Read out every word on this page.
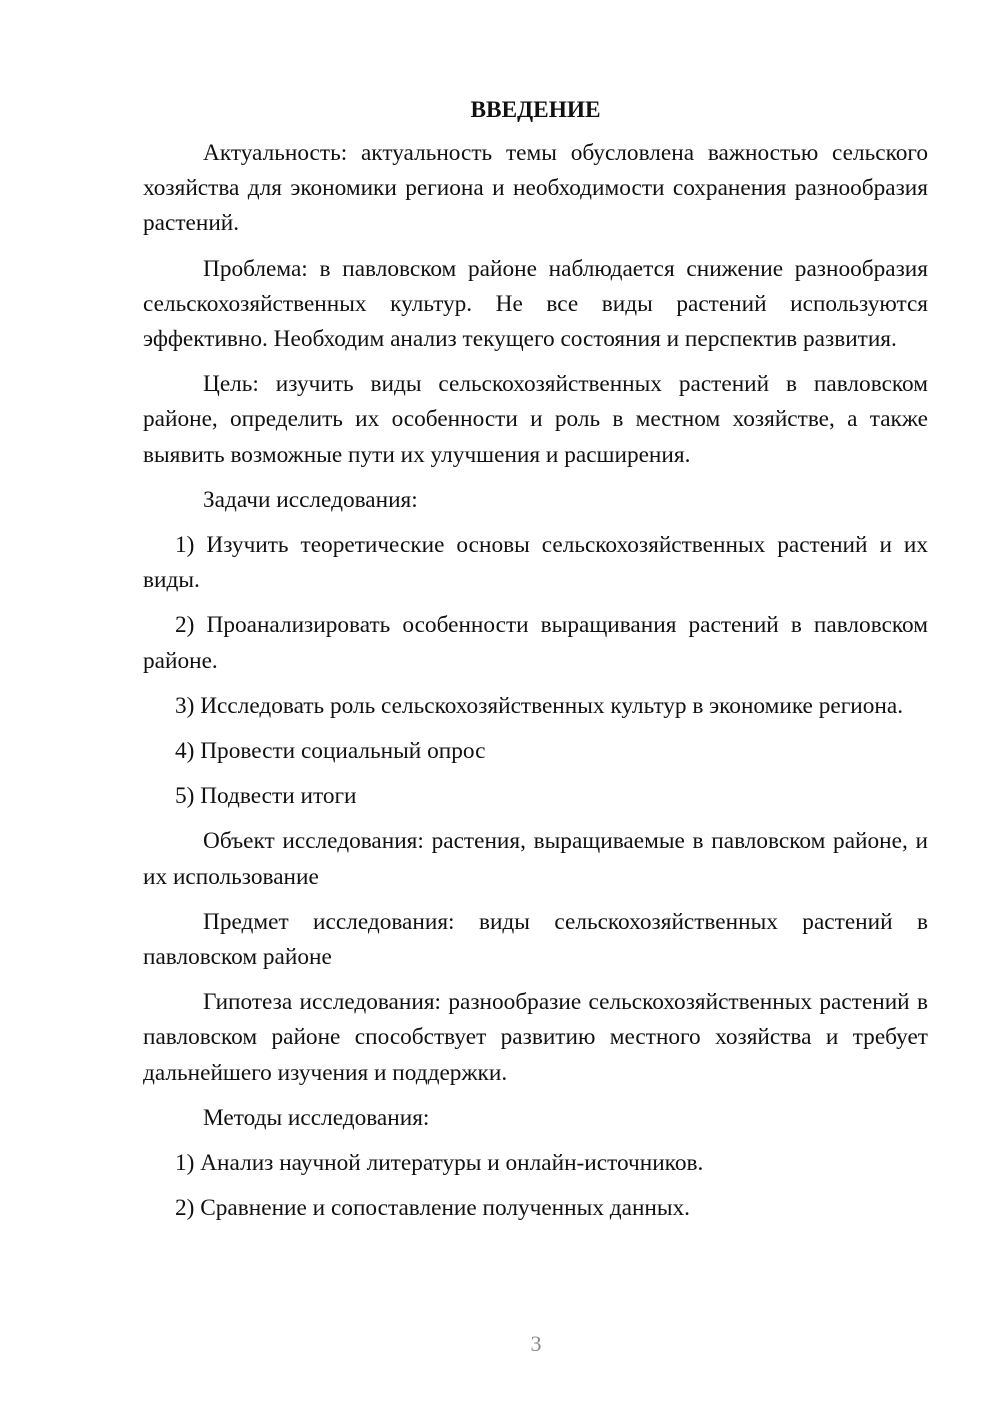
ВВЕДЕНИЕ

Актуальность: актуальность темы обусловлена важностью сельского хозяйства для экономики региона и необходимости сохранения разнообразия растений.

Проблема: в павловском районе наблюдается снижение разнообразия сельскохозяйственных культур. Не все виды растений используются эффективно. Необходим анализ текущего состояния и перспектив развития.

Цель: изучить виды сельскохозяйственных растений в павловском районе, определить их особенности и роль в местном хозяйстве, а также выявить возможные пути их улучшения и расширения.

Задачи исследования:

1) Изучить теоретические основы сельскохозяйственных растений и их виды.

2) Проанализировать особенности выращивания растений в павловском районе.

3) Исследовать роль сельскохозяйственных культур в экономике региона.

4) Провести социальный опрос

5) Подвести итоги

Объект исследования: растения, выращиваемые в павловском районе, и их использование

Предмет исследования: виды сельскохозяйственных растений в павловском районе

Гипотеза исследования: разнообразие сельскохозяйственных растений в павловском районе способствует развитию местного хозяйства и требует дальнейшего изучения и поддержки.

Методы исследования:

1) Анализ научной литературы и онлайн-источников.

2) Сравнение и сопоставление полученных данных.

3
